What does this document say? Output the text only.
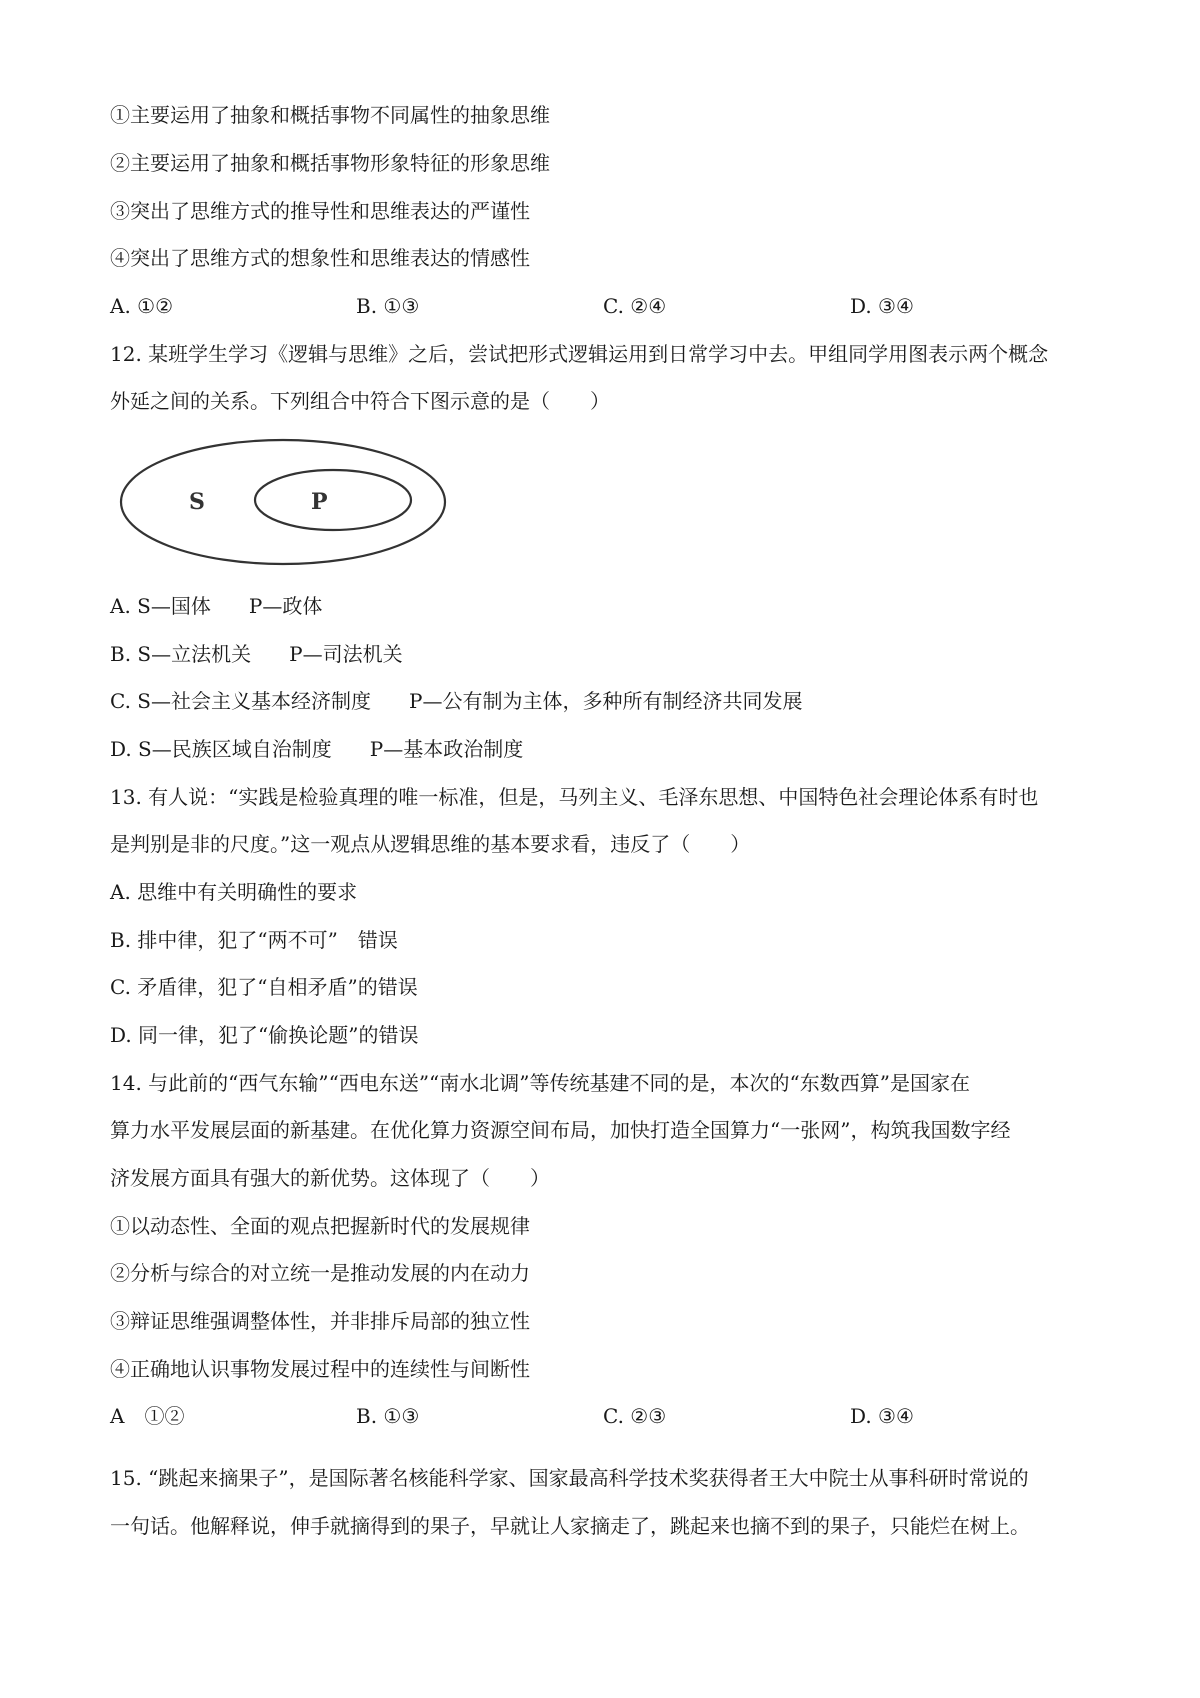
①主要运用了抽象和概括事物不同属性的抽象思维
②主要运用了抽象和概括事物形象特征的形象思维
③突出了思维方式的推导性和思维表达的严谨性
④突出了思维方式的想象性和思维表达的情感性
A. ①②	B. ①③	C. ②④	D. ③④
12. 某班学生学习《逻辑与思维》之后，尝试把形式逻辑运用到日常学习中去。甲组同学用图表示两个概念
外延之间的关系。下列组合中符合下图示意的是（　　）
S	P
A. S—国体 P—政体
B. S—立法机关 P—司法机关
C. S—社会主义基本经济制度 P—公有制为主体，多种所有制经济共同发展
D. S—民族区域自治制度 P—基本政治制度
13. 有人说：“实践是检验真理的唯一标准，但是，马列主义、毛泽东思想、中国特色社会理论体系有时也
是判别是非的尺度。”这一观点从逻辑思维的基本要求看，违反了（　　）
A. 思维中有关明确性的要求
B. 排中律，犯了“两不可”　错误
C. 矛盾律，犯了“自相矛盾”的错误
D. 同一律，犯了“偷换论题”的错误
14. 与此前的“西气东输”“西电东送”“南水北调”等传统基建不同的是，本次的“东数西算”是国家在
算力水平发展层面的新基建。在优化算力资源空间布局，加快打造全国算力“一张网”，构筑我国数字经
济发展方面具有强大的新优势。这体现了（　　）
①以动态性、全面的观点把握新时代的发展规律
②分析与综合的对立统一是推动发展的内在动力
③辩证思维强调整体性，并非排斥局部的独立性
④正确地认识事物发展过程中的连续性与间断性
A　①②	B. ①③	C. ②③	D. ③④
15. “跳起来摘果子”，是国际著名核能科学家、国家最高科学技术奖获得者王大中院士从事科研时常说的
一句话。他解释说，伸手就摘得到的果子，早就让人家摘走了，跳起来也摘不到的果子，只能烂在树上。
